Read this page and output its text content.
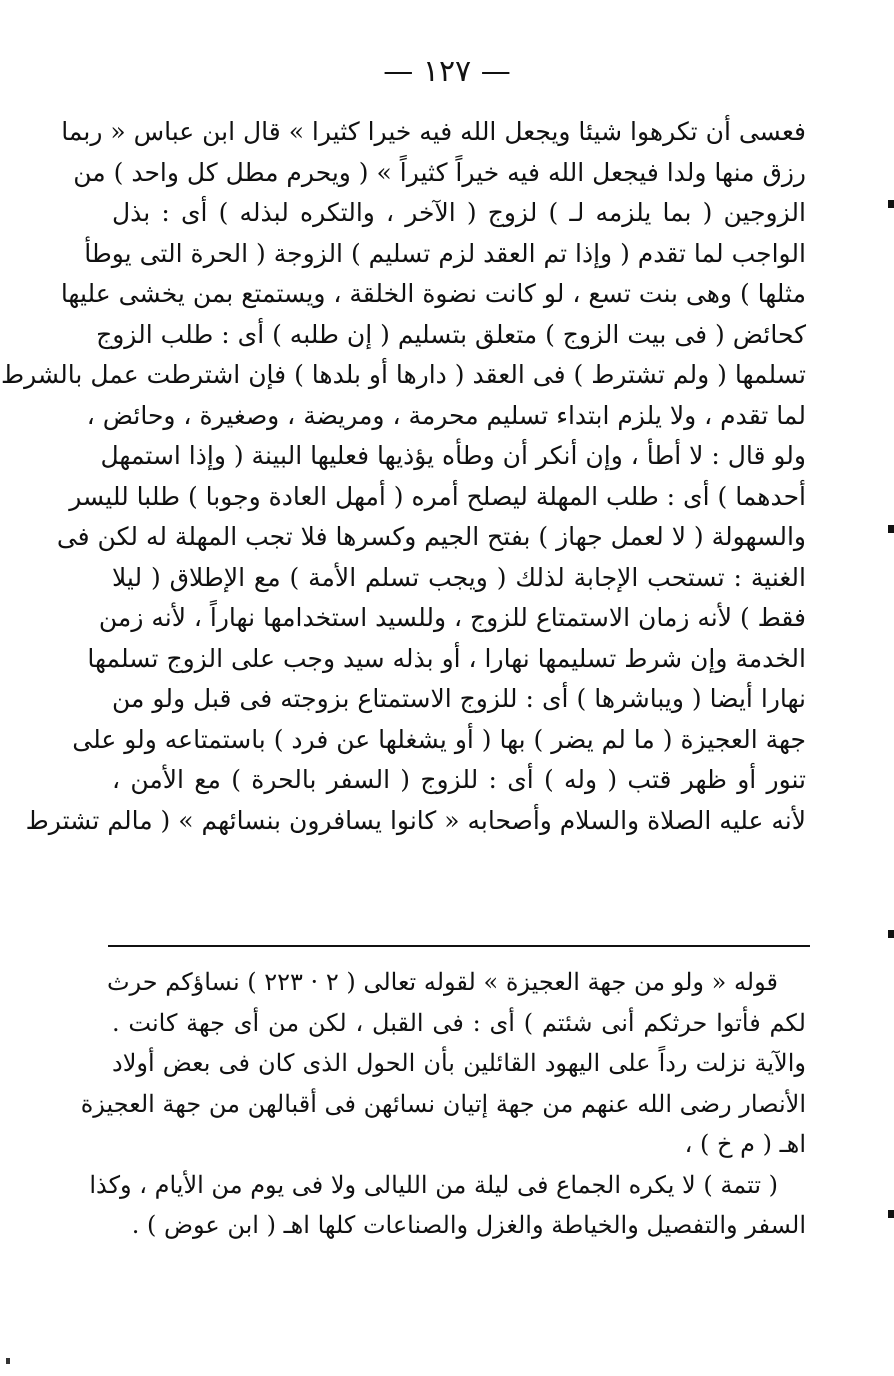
— ١٢٧ —
فعسى أن تكرهوا شيئا ويجعل الله فيه خيرا كثيرا » قال ابن عباس « ربما
رزق منها ولدا فيجعل الله فيه خيراً كثيراً » ( ويحرم مطل كل واحد ) من
الزوجين ( بما يلزمه لـ ) لزوج ( الآخر ، والتكره لبذله ) أى : بذل
الواجب لما تقدم ( وإذا تم العقد لزم تسليم ) الزوجة ( الحرة التى يوطأ
مثلها ) وهى بنت تسع ، لو كانت نضوة الخلقة ، ويستمتع بمن يخشى عليها
كحائض ( فى بيت الزوج ) متعلق بتسليم ( إن طلبه ) أى : طلب الزوج
تسلمها ( ولم تشترط ) فى العقد ( دارها أو بلدها ) فإن اشترطت عمل بالشرط
لما تقدم ، ولا يلزم ابتداء تسليم محرمة ، ومريضة ، وصغيرة ، وحائض ،
ولو قال : لا أطأ ، وإن أنكر أن وطأه يؤذيها فعليها البينة ( وإذا استمهل
أحدهما ) أى : طلب المهلة ليصلح أمره ( أمهل العادة وجوبا ) طلبا لليسر
والسهولة ( لا لعمل جهاز ) بفتح الجيم وكسرها فلا تجب المهلة له لكن فى
الغنية : تستحب الإجابة لذلك ( ويجب تسلم الأمة ) مع الإطلاق ( ليلا
فقط ) لأنه زمان الاستمتاع للزوج ، وللسيد استخدامها نهاراً ، لأنه زمن
الخدمة وإن شرط تسليمها نهارا ، أو بذله سيد وجب على الزوج تسلمها
نهارا أيضا ( ويباشرها ) أى : للزوج الاستمتاع بزوجته فى قبل ولو من
جهة العجيزة ( ما لم يضر ) بها ( أو يشغلها عن فرد ) باستمتاعه ولو على
تنور أو ظهر قتب ( وله ) أى : للزوج ( السفر بالحرة ) مع الأمن ،
لأنه عليه الصلاة والسلام وأصحابه « كانوا يسافرون بنسائهم » ( مالم تشترط
قوله « ولو من جهة العجيزة » لقوله تعالى ( ٢ · ٢٢٣ ) نساؤكم حرث
لكم فأتوا حرثكم أنى شئتم ) أى : فى القبل ، لكن من أى جهة كانت .
والآية نزلت رداً على اليهود القائلين بأن الحول الذى كان فى بعض أولاد
الأنصار رضى الله عنهم من جهة إتيان نسائهن فى أقبالهن من جهة العجيزة
اهـ ( م خ ) ،
( تتمة ) لا يكره الجماع فى ليلة من الليالى ولا فى يوم من الأيام ، وكذا
السفر والتفصيل والخياطة والغزل والصناعات كلها اهـ ( ابن عوض ) .
